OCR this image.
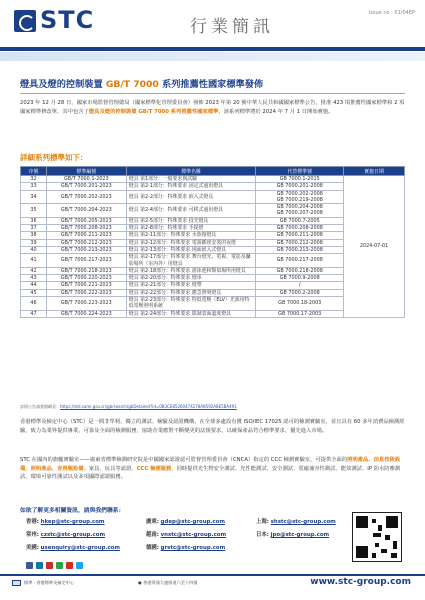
STC	行業簡訊
Issue no : 01/04EP
燈具及燈的控制裝置 GB/T 7000 系列推薦性國家標準發佈
2023 年 12 月 28 日，國家市場監督管理總局（國家標準化管理委員會）發佈 2023 年第 20 號中華人民共和國國家標準公告，批准 423 項推薦性國家標準和 2 項國家標準修改單，其中包含了燈具及燈的控制裝置 GB/T 7000 系列推薦性國家標準，該系列標準將於 2024 年 7 月 1 日開始實施。
詳細系列標準如下：
序號	標準編號	標準名稱	代替標準號	實施日期
32	GB/T 7000.1-2023	燈具 第1部分：一般要求與試驗	GB 7000.1-2015	2024-07-01
33	GB/T 7000.201-2023	燈具 第2-1部分：特殊要求 固定式通用燈具	GB 7000.201-2008	
34	GB/T 7000.202-2023	燈具 第2-2部分：特殊要求 嵌入式燈具	GB 7000.202-2008
GB 7000.219-2008	
35	GB/T 7000.204-2023	燈具 第2-4部分：特殊要求 可移式通用燈具	GB 7000.204-2008
GB 7000.207-2008	
36	GB/T 7000.205-2023	燈具 第2-5部分：特殊要求 投光燈具	GB 7000.7-2005	
37	GB/T 7000.208-2023	燈具 第2-8部分：特殊要求 手提燈	GB 7000.208-2008	
38	GB/T 7000.211-2023	燈具 第2-11部分：特殊要求 水族箱燈具	GB 7000.211-2008	
39	GB/T 7000.212-2023	燈具 第2-12部分：特殊要求 電源插座安裝的夜燈	GB 7000.212-2008	
40	GB/T 7000.213-2023	燈具 第2-13部分：特殊要求 地面嵌入式燈具	GB 7000.213-2008	
41	GB/T 7000.217-2023	燈具 第2-17部分：特殊要求 舞台燈光、電視、電影及攝影場所（室內外）用燈具	GB 7000.217-2008	
42	GB/T 7000.218-2023	燈具 第2-18部分：特殊要求 游泳池和類似場所用燈具	GB 7000.218-2008	
43	GB/T 7000.220-2023	燈具 第2-20部分：特殊要求 燈串	GB 7000.9-2008	
44	GB/T 7000.221-2023	燈具 第2-21部分：特殊要求 燈帶	/	
45	GB/T 7000.222-2023	燈具 第2-22部分：特殊要求 應急照明燈具	GB 7000.2-2008	
46	GB/T 7000.223-2023	燈具 第2-23部分：特殊要求 特低電壓（ELV）光源用特低電壓照明系統	GB 7000.18-2003	
47	GB/T 7000.224-2023	燈具 第2-24部分：特殊要求 限制表面溫度燈具	GB 7000.17-2003	
詳情公告請查閱網頁：https://std.samr.gov.cn/gb/search/gbDetailed?id=0B3CE85260474278A8592A8E5BA491
香港標準及檢定中心（STC）是一間非牟利、獨立的測試、檢驗及認證機構，在全球多處設有獲 ISO/IEC 17025 認可的檢測實驗室，並且具有 60 多年消費品檢測經驗，致力為業界提供專業、可靠及全面的檢測服務，協助企業應對不斷變更的法規要求，以確保產品符合標準要求，優先進入市場。
STC 在國內的旗艦實驗室——廣東省標準檢測研究院是中國國家認證認可監督管理委員會（CNCA）指定的 CCC 檢測實驗室，可提供全面的照明產品、信息技術設備、照明產品、音視頻設備、家具、玩具等認證、CCC 檢測服務，同時提供光生物安全測試、光性能測試、安全測試、電磁兼容性測試、能效測試、IP 防水防塵測試、環境可靠性測試以及多項國際認證服務。
如欲了解更多相關資訊，請與我們聯系：
香港: hkep@stc-group.com	廣東: gdep@stc-group.com	上海: shstc@stc-group.com
常州: czstc@stc-group.com	越南: vnstc@stc-group.com	日本: jpo@stc-group.com
美國: usenquiry@stc-group.com	德國: grstc@stc-group.com
標準 · 香港標準及檢定中心	● 香港葵涌大連排道六至十四號	www.stc-group.com
